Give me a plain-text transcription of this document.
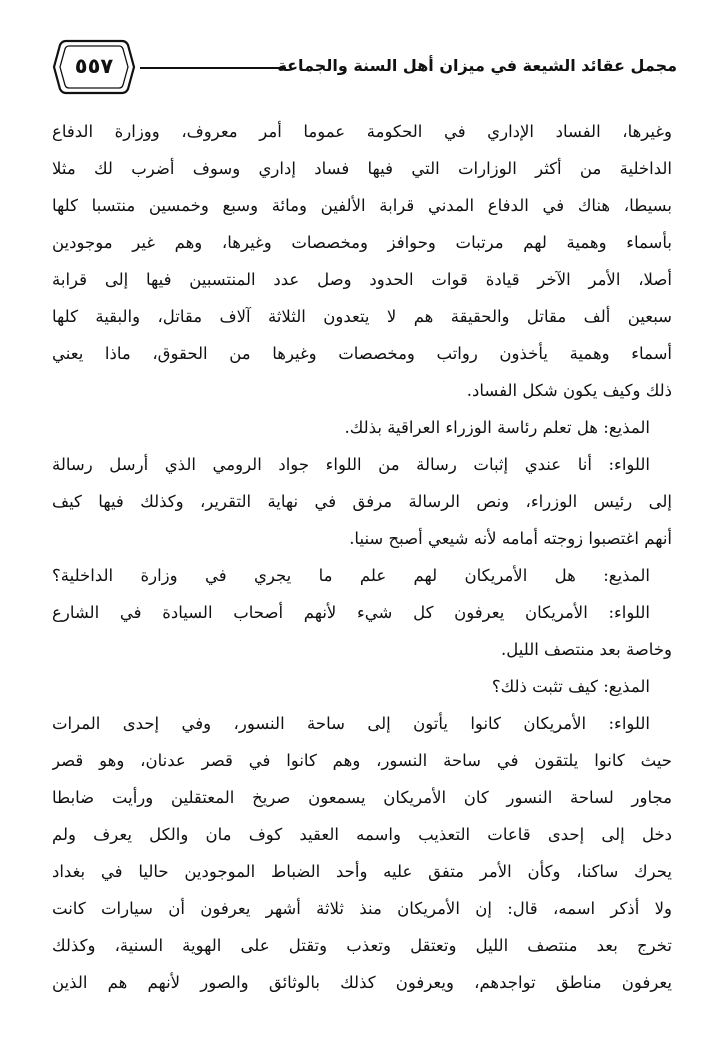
٥٥٧	مجمل عقائد الشيعة في ميزان أهل السنة والجماعة
وغيرها، الفساد الإداري في الحكومة عموما أمر معروف، ووزارة الدفاع
الداخلية من أكثر الوزارات التي فيها فساد إداري وسوف أضرب لك مثلا
بسيطا، هناك في الدفاع المدني قرابة الألفين ومائة وسبع وخمسين منتسبا كلها
بأسماء وهمية لهم مرتبات وحوافز ومخصصات وغيرها، وهم غير موجودين
أصلا، الأمر الآخر قيادة قوات الحدود وصل عدد المنتسبين فيها إلى قرابة
سبعين ألف مقاتل والحقيقة هم لا يتعدون الثلاثة آلاف مقاتل، والبقية كلها
أسماء وهمية يأخذون رواتب ومخصصات وغيرها من الحقوق، ماذا يعني
ذلك وكيف يكون شكل الفساد.
المذيع: هل تعلم رئاسة الوزراء العراقية بذلك.
اللواء: أنا عندي إثبات رسالة من اللواء جواد الرومي الذي أرسل رسالة
إلى رئيس الوزراء، ونص الرسالة مرفق في نهاية التقرير، وكذلك فيها كيف
أنهم اغتصبوا زوجته أمامه لأنه شيعي أصبح سنيا.
المذيع: هل الأمريكان لهم علم ما يجري في وزارة الداخلية؟
اللواء: الأمريكان يعرفون كل شيء لأنهم أصحاب السيادة في الشارع
وخاصة بعد منتصف الليل.
المذيع: كيف تثبت ذلك؟
اللواء: الأمريكان كانوا يأتون إلى ساحة النسور، وفي إحدى المرات
حيث كانوا يلتقون في ساحة النسور، وهم كانوا في قصر عدنان، وهو قصر
مجاور لساحة النسور كان الأمريكان يسمعون صريخ المعتقلين ورأيت ضابطا
دخل إلى إحدى قاعات التعذيب واسمه العقيد كوف مان والكل يعرف ولم
يحرك ساكنا، وكأن الأمر متفق عليه وأحد الضباط الموجودين حاليا في بغداد
ولا أذكر اسمه، قال: إن الأمريكان منذ ثلاثة أشهر يعرفون أن سيارات كانت
تخرج بعد منتصف الليل وتعتقل وتعذب وتقتل على الهوية السنية، وكذلك
يعرفون مناطق تواجدهم، ويعرفون كذلك بالوثائق والصور لأنهم هم الذين
